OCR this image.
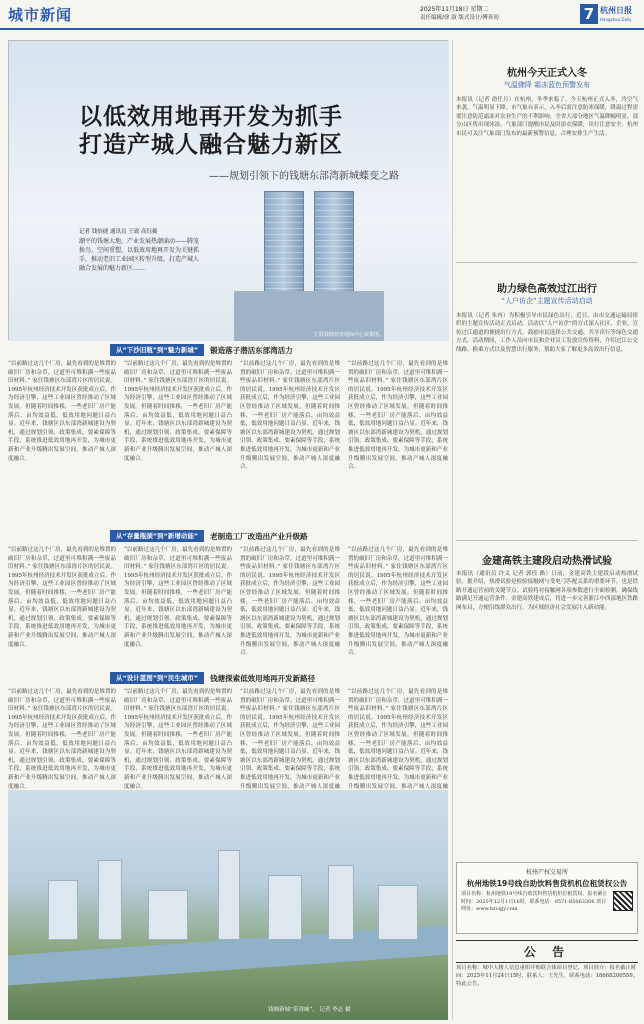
城市新闻	2025年11月18日 星期二
责任编辑/徐 淑 版式设计/傅善初	7 杭州日报
Hangzhou Daily
以低效用地再开发为抓手
打造产城人融合魅力新区
——规划引领下的钱塘东部湾新城蝶变之路
记者 钱怡捷 通讯员 王致 高钰蘅
潮平的钱塘大地，产业发展热潮涌动——腾笼换鸟、空间重塑，以低效用地再开发为关键抓手，推动老旧工业园区转型升级，打造产城人融合发展的魅力新区……
汇联钱塘首座地标中心效果图。
从“下沙旧瓶”到“魅力新城”	锻造落子潜活东部湾活力
“以前路过这几个厂房，最先看到的是堆置的破旧厂房和杂草，过道里可堆积满一些废品旧材料。” 家住钱塘区东部湾片区的居民说。1995年杭州经济技术开发区获批成立后，作为经济引擎，这些工业园区曾经推动了区域发展。但随着时间推移，一些老旧厂房产能落后、亩均效益低，低效用地问题日益凸显。近年来，钱塘区以东部湾新城建设为契机，通过规划引领、政策集成、要素保障等手段，系统推进低效用地再开发，为城市更新和产业升级腾出发展空间，推动产城人深度融合。
“以前路过这几个厂房，最先看到的是堆置的破旧厂房和杂草，过道里可堆积满一些废品旧材料。” 家住钱塘区东部湾片区的居民说。1995年杭州经济技术开发区获批成立后，作为经济引擎，这些工业园区曾经推动了区域发展。但随着时间推移，一些老旧厂房产能落后、亩均效益低，低效用地问题日益凸显。近年来，钱塘区以东部湾新城建设为契机，通过规划引领、政策集成、要素保障等手段，系统推进低效用地再开发，为城市更新和产业升级腾出发展空间，推动产城人深度融合。
“以前路过这几个厂房，最先看到的是堆置的破旧厂房和杂草，过道里可堆积满一些废品旧材料。” 家住钱塘区东部湾片区的居民说。1995年杭州经济技术开发区获批成立后，作为经济引擎，这些工业园区曾经推动了区域发展。但随着时间推移，一些老旧厂房产能落后、亩均效益低，低效用地问题日益凸显。近年来，钱塘区以东部湾新城建设为契机，通过规划引领、政策集成、要素保障等手段，系统推进低效用地再开发，为城市更新和产业升级腾出发展空间，推动产城人深度融合。
“以前路过这几个厂房，最先看到的是堆置的破旧厂房和杂草，过道里可堆积满一些废品旧材料。” 家住钱塘区东部湾片区的居民说。1995年杭州经济技术开发区获批成立后，作为经济引擎，这些工业园区曾经推动了区域发展。但随着时间推移，一些老旧厂房产能落后、亩均效益低，低效用地问题日益凸显。近年来，钱塘区以东部湾新城建设为契机，通过规划引领、政策集成、要素保障等手段，系统推进低效用地再开发，为城市更新和产业升级腾出发展空间，推动产城人深度融合。
从“存量瓶颈”到“新增动能”	老制造工厂改造出产业升级路
“以前路过这几个厂房，最先看到的是堆置的破旧厂房和杂草，过道里可堆积满一些废品旧材料。” 家住钱塘区东部湾片区的居民说。1995年杭州经济技术开发区获批成立后，作为经济引擎，这些工业园区曾经推动了区域发展。但随着时间推移，一些老旧厂房产能落后、亩均效益低，低效用地问题日益凸显。近年来，钱塘区以东部湾新城建设为契机，通过规划引领、政策集成、要素保障等手段，系统推进低效用地再开发，为城市更新和产业升级腾出发展空间，推动产城人深度融合。
“以前路过这几个厂房，最先看到的是堆置的破旧厂房和杂草，过道里可堆积满一些废品旧材料。” 家住钱塘区东部湾片区的居民说。1995年杭州经济技术开发区获批成立后，作为经济引擎，这些工业园区曾经推动了区域发展。但随着时间推移，一些老旧厂房产能落后、亩均效益低，低效用地问题日益凸显。近年来，钱塘区以东部湾新城建设为契机，通过规划引领、政策集成、要素保障等手段，系统推进低效用地再开发，为城市更新和产业升级腾出发展空间，推动产城人深度融合。
“以前路过这几个厂房，最先看到的是堆置的破旧厂房和杂草，过道里可堆积满一些废品旧材料。” 家住钱塘区东部湾片区的居民说。1995年杭州经济技术开发区获批成立后，作为经济引擎，这些工业园区曾经推动了区域发展。但随着时间推移，一些老旧厂房产能落后、亩均效益低，低效用地问题日益凸显。近年来，钱塘区以东部湾新城建设为契机，通过规划引领、政策集成、要素保障等手段，系统推进低效用地再开发，为城市更新和产业升级腾出发展空间，推动产城人深度融合。
“以前路过这几个厂房，最先看到的是堆置的破旧厂房和杂草，过道里可堆积满一些废品旧材料。” 家住钱塘区东部湾片区的居民说。1995年杭州经济技术开发区获批成立后，作为经济引擎，这些工业园区曾经推动了区域发展。但随着时间推移，一些老旧厂房产能落后、亩均效益低，低效用地问题日益凸显。近年来，钱塘区以东部湾新城建设为契机，通过规划引领、政策集成、要素保障等手段，系统推进低效用地再开发，为城市更新和产业升级腾出发展空间，推动产城人深度融合。
从“设计蓝图”到“民生城市”	钱塘探索低效用地再开发新路径
“以前路过这几个厂房，最先看到的是堆置的破旧厂房和杂草，过道里可堆积满一些废品旧材料。” 家住钱塘区东部湾片区的居民说。1995年杭州经济技术开发区获批成立后，作为经济引擎，这些工业园区曾经推动了区域发展。但随着时间推移，一些老旧厂房产能落后、亩均效益低，低效用地问题日益凸显。近年来，钱塘区以东部湾新城建设为契机，通过规划引领、政策集成、要素保障等手段，系统推进低效用地再开发，为城市更新和产业升级腾出发展空间，推动产城人深度融合。
“以前路过这几个厂房，最先看到的是堆置的破旧厂房和杂草，过道里可堆积满一些废品旧材料。” 家住钱塘区东部湾片区的居民说。1995年杭州经济技术开发区获批成立后，作为经济引擎，这些工业园区曾经推动了区域发展。但随着时间推移，一些老旧厂房产能落后、亩均效益低，低效用地问题日益凸显。近年来，钱塘区以东部湾新城建设为契机，通过规划引领、政策集成、要素保障等手段，系统推进低效用地再开发，为城市更新和产业升级腾出发展空间，推动产城人深度融合。
“以前路过这几个厂房，最先看到的是堆置的破旧厂房和杂草，过道里可堆积满一些废品旧材料。” 家住钱塘区东部湾片区的居民说。1995年杭州经济技术开发区获批成立后，作为经济引擎，这些工业园区曾经推动了区域发展。但随着时间推移，一些老旧厂房产能落后、亩均效益低，低效用地问题日益凸显。近年来，钱塘区以东部湾新城建设为契机，通过规划引领、政策集成、要素保障等手段，系统推进低效用地再开发，为城市更新和产业升级腾出发展空间，推动产城人深度融
“以前路过这几个厂房，最先看到的是堆置的破旧厂房和杂草，过道里可堆积满一些废品旧材料。” 家住钱塘区东部湾片区的居民说。1995年杭州经济技术开发区获批成立后，作为经济引擎，这些工业园区曾经推动了区域发展。但随着时间推移，一些老旧厂房产能落后、亩均效益低，低效用地问题日益凸显。近年来，钱塘区以东部湾新城建设为契机，通过规划引领、政策集成、要素保障等手段，系统推进低效用地再开发，为城市更新和产业升级腾出发展空间，推动产城人深度融
钱塘新城“带湾城”。 记者 李志 摄
杭州今天正式入冬
气温骤降 霜冻蓝色预警发布
本报讯（记者 俞任月）在杭州，冬季来临了。今天杭州正式入冬，冷空气来袭，气温明显下降。市气象台表示，入冬后需注意防寒保暖，降温过程需要注意防范霜冻对农业生产的不利影响。全省大部分地区气温降幅明显，部分山区将出现冰冻。气象部门提醒市民及时添衣保暖，出行注意安全。杭州市民可关注气象部门发布的最新预警信息，合理安排生产生活。
助力绿色高效过江出行
“人户访企”主题宣传活动启动
本报讯（记者 朱冉）为积极引导市民绿色出行，近日，由市交通运输局组织的主题宣传活动正式启动。活动以“人户访企”的方式深入社区、企业，宣传过江通道的便捷出行方式，鼓励市民选择公共交通、共享出行等绿色交通方式。活动期间，工作人员向市民和企业员工发放宣传资料，介绍过江公交线路、换乘方式以及智慧出行服务，帮助大家了解更多高效出行信息。
金建高铁主建段启动热滑试验
本报讯（通讯员 许义 记者 郭佳 路）日前，金建高铁主建段启动热滑试验。据介绍，热滑试验是检验接触网与受电弓匹配关系的重要环节，也是铁路开通运营前的关键节点。试验将对接触网各项参数进行全面检测，确保线路满足开通运营条件。金建高铁建成后，将进一步完善浙江中西部地区铁路网布局，方便沿线群众出行，为区域经济社会发展注入新动能。
杭州产权交易所
杭州地铁19号线自助饮料售货机机位租赁权公告
项目名称：杭州地铁19号线自助饮料售货机机位租赁权。报名截止时间：2025年12月1日16时。联系电话：0571-85063306 项目网址：www.hzcqjy.com
公 告
项目名称：城中大楼人信息重组并购联合体项目登记，项目简介：报名截止时间：2025年11月24日15时，联系人：王先生，联系电话：18668200559。特此公告。
